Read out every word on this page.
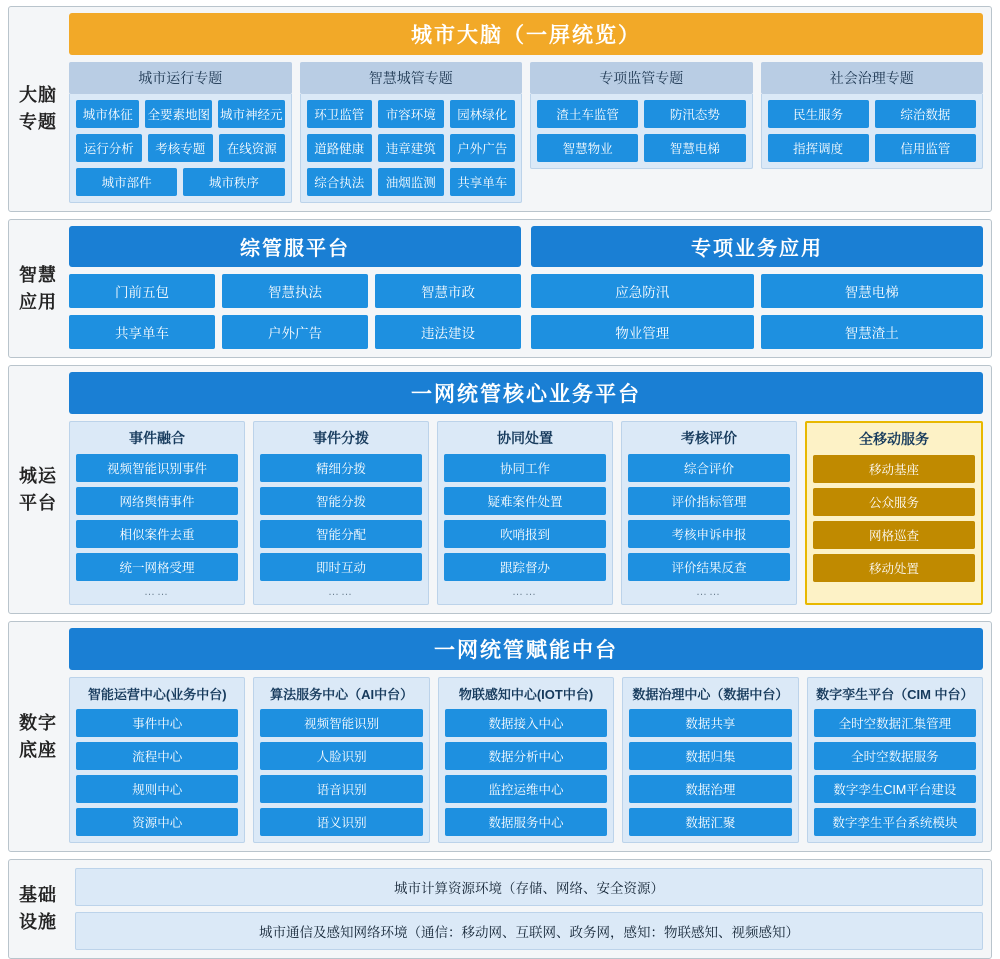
大脑
专题
城市大脑（一屏统览）
城市运行专题
城市体征	全要素地图 城市神经元
运行分析	考核专题	在线资源
城市部件	城市秩序
智慧城管专题
环卫监管	市容环境	园林绿化
道路健康	违章建筑	户外广告
综合执法	油烟监测	共享单车
专项监管专题
渣土车监管	防汛态势
智慧物业	智慧电梯
社会治理专题
民生服务	综治数据
指挥调度	信用监管
智慧
应用
综管服平台
门前五包	智慧执法	智慧市政
共享单车	户外广告	违法建设
专项业务应用
应急防汛	智慧电梯
物业管理	智慧渣土
城运
平台
一网统管核心业务平台
事件融合
视频智能识别事件
网络舆情事件
相似案件去重
统一网格受理
……
事件分拨
精细分拨
智能分拨
智能分配
即时互动
……
协同处置
协同工作
疑难案件处置
吹哨报到
跟踪督办
……
考核评价
综合评价
评价指标管理
考核申诉申报
评价结果反查
……
全移动服务
移动基座
公众服务
网格巡查
移动处置
数字
底座
一网统管赋能中台
智能运营中心(业务中台)
事件中心
流程中心
规则中心
资源中心
算法服务中心（AI中台）
视频智能识别
人脸识别
语音识别
语义识别
物联感知中心(IOT中台)
数据接入中心
数据分析中心
监控运维中心
数据服务中心
数据治理中心（数据中台）
数据共享
数据归集
数据治理
数据汇聚
数字孪生平台（CIM 中台）
全时空数据汇集管理
全时空数据服务
数字孪生CIM平台建设
数字孪生平台系统模块
基础
设施
城市计算资源环境（存储、网络、安全资源）
城市通信及感知网络环境（通信：移动网、互联网、政务网，感知：物联感知、视频感知）
